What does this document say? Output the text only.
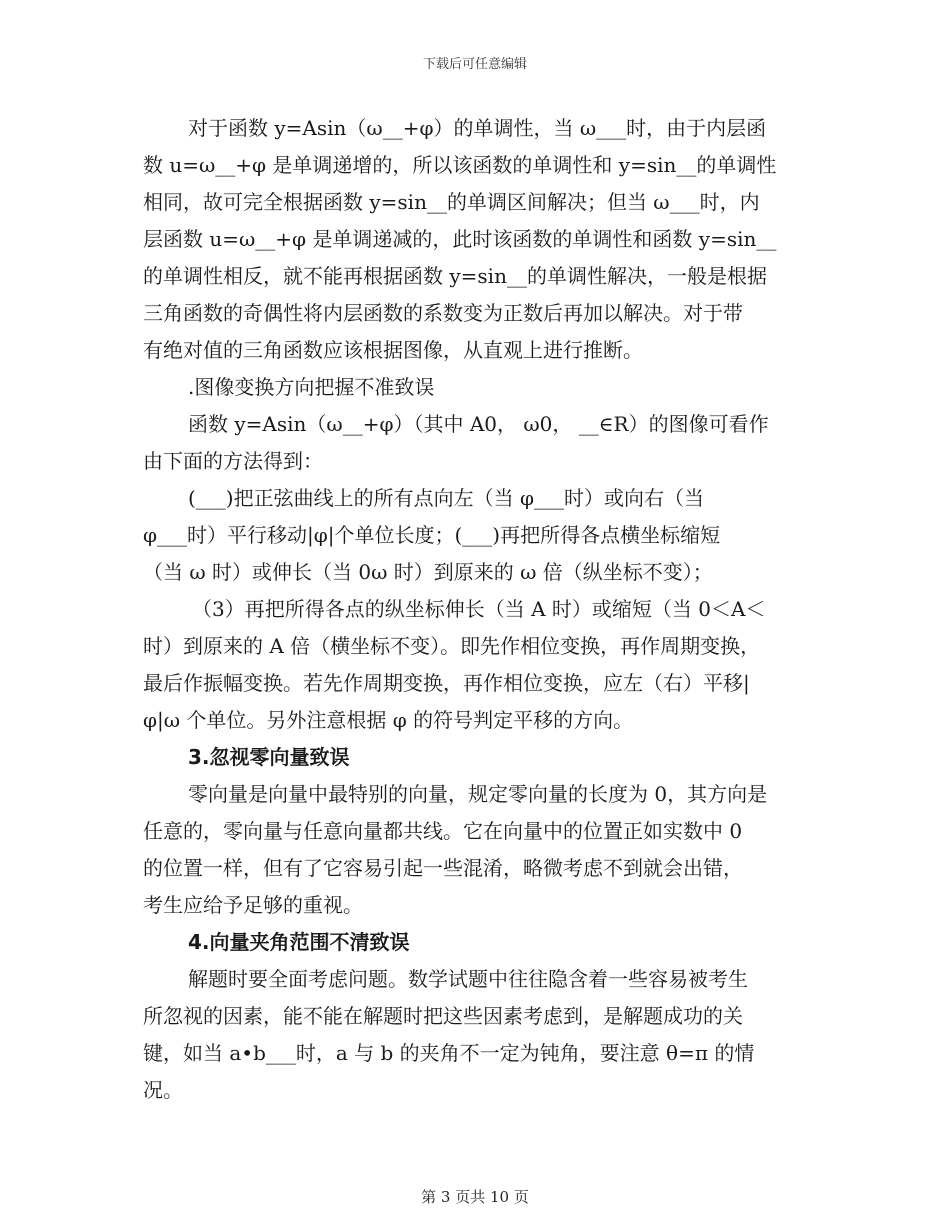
下载后可任意编辑
对于函数 y=Asin（ω__+φ）的单调性，当 ω___时，由于内层函
数 u=ω__+φ 是单调递增的，所以该函数的单调性和 y=sin__的单调性
相同，故可完全根据函数 y=sin__的单调区间解决；但当 ω___时，内
层函数 u=ω__+φ 是单调递减的，此时该函数的单调性和函数 y=sin__
的单调性相反，就不能再根据函数 y=sin__的单调性解决，一般是根据
三角函数的奇偶性将内层函数的系数变为正数后再加以解决。对于带
有绝对值的三角函数应该根据图像，从直观上进行推断。
.图像变换方向把握不准致误
函数 y=Asin（ω__+φ）（其中 A0， ω0， __∈R）的图像可看作
由下面的方法得到：
(___)把正弦曲线上的所有点向左（当 φ___时）或向右（当
φ___时）平行移动|φ|个单位长度；(___)再把所得各点横坐标缩短
（当 ω 时）或伸长（当 0ω 时）到原来的 ω 倍（纵坐标不变）；
（3）再把所得各点的纵坐标伸长（当 A 时）或缩短（当 0＜A＜
时）到原来的 A 倍（横坐标不变）。即先作相位变换，再作周期变换，
最后作振幅变换。若先作周期变换，再作相位变换，应左（右）平移|
φ|ω 个单位。另外注意根据 φ 的符号判定平移的方向。
3.忽视零向量致误
零向量是向量中最特别的向量，规定零向量的长度为 0，其方向是
任意的，零向量与任意向量都共线。它在向量中的位置正如实数中 0
的位置一样，但有了它容易引起一些混淆，略微考虑不到就会出错，
考生应给予足够的重视。
4.向量夹角范围不清致误
解题时要全面考虑问题。数学试题中往往隐含着一些容易被考生
所忽视的因素，能不能在解题时把这些因素考虑到，是解题成功的关
键，如当 a•b___时，a 与 b 的夹角不一定为钝角，要注意 θ=π 的情
况。
第 3 页共 10 页
